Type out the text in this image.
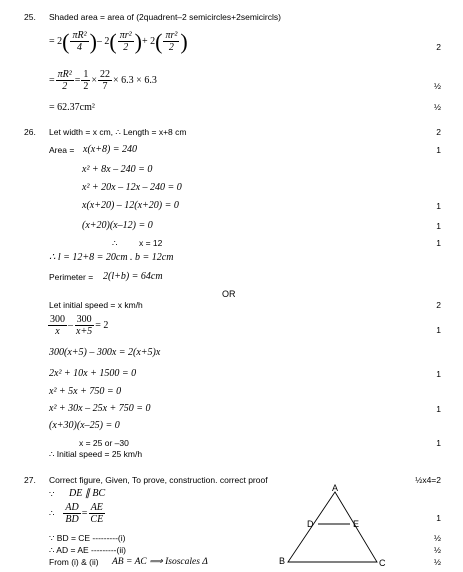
25. Shaded area = area of (2quadrent–2 semicircles+2semicircls)
= 2 ( $\frac{\text{πR²}}{4}$ ) – 2 ( $\frac{\text{πr²}}{2}$ ) + 2 ( $\frac{\text{πr²}}{2}$ )	2
= $\frac{\text{πR²}}{2} = \frac{1}{2} \times \frac{22}{7} \times 6.3 \times 6.3$	½
= 62.37cm²	½
26. Let width = x cm, ∴ Length = x+8 cm	2
Area = x(x+8) = 240	1
x² + 8x – 240 = 0
x² + 20x – 12x – 240 = 0
x(x+20) – 12(x+20) = 0	1
(x+20)(x–12) = 0	1
∴	x = 12	1
∴ l = 12+8 = 20cm . b = 12cm
Perimeter = 2(l+b) = 64cm
OR
Let initial speed = x km/h	2
$\frac{300}{x} - \frac{300}{x+5} = 2$	1
300(x+5) – 300x = 2(x+5)x
2x² + 10x + 1500 = 0	1
x² + 5x + 750 = 0
x² + 30x – 25x + 750 = 0	1
(x+30)(x–25) = 0
x = 25 or –30	1
∴ Initial speed = 25 km/h
27. Correct figure, Given, To prove, construction. correct proof	½x4=2
∵ DE ∥ BC
∴ $\frac{AD}{BD} = \frac{AE}{CE}$	1
∵ BD = CE ---------(i)	½
∴ AD = AE ---------(ii)	½
From (i) & (ii) AB = AC ⟹ Isoscales Δ	½
A
B	C
D	E
